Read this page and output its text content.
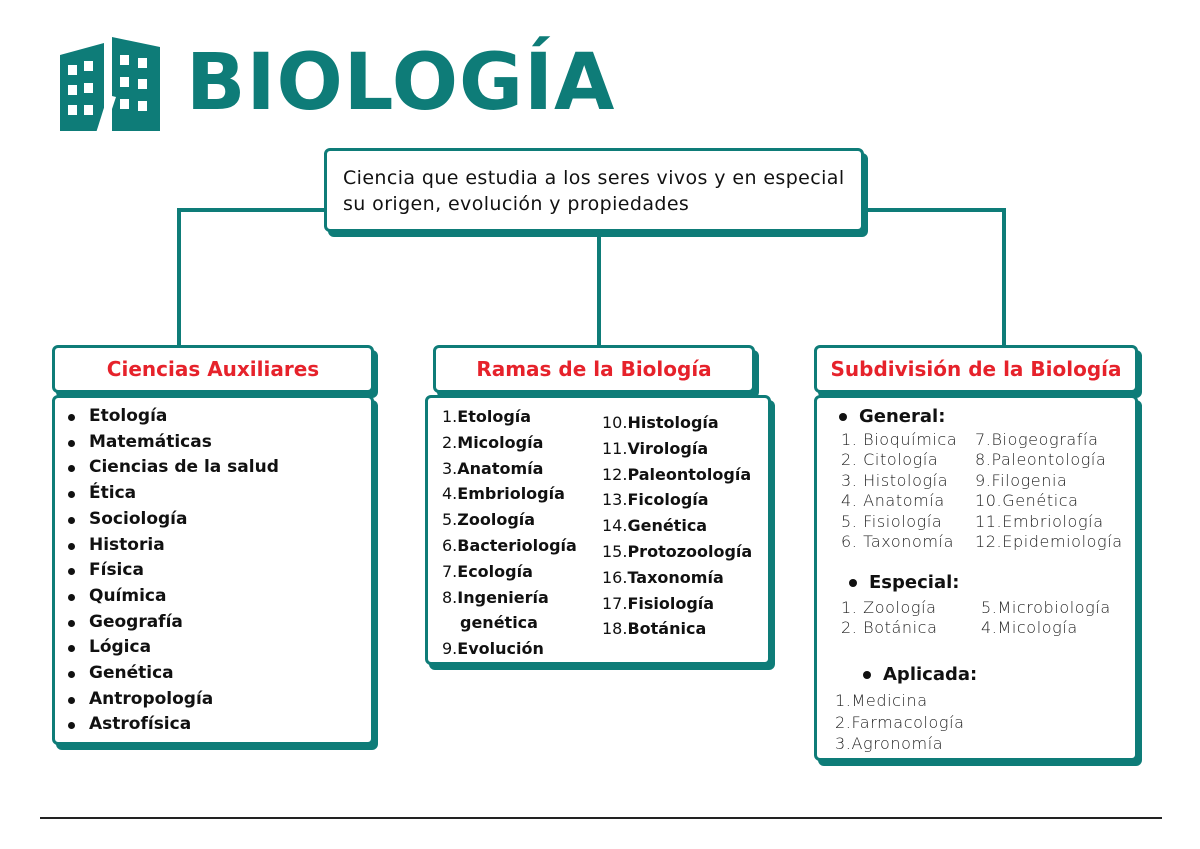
BIOLOGÍA
Ciencia que estudia a los seres vivos y en especial su origen, evolución y propiedades
Ciencias Auxiliares
Etología
Matemáticas
Ciencias de la salud
Ética
Sociología
Historia
Física
Química
Geografía
Lógica
Genética
Antropología
Astrofísica
Ramas de la Biología
1.Etología
2.Micología
3.Anatomía
4.Embriología
5.Zoología
6.Bacteriología
7.Ecología
8.Ingeniería
genética
9.Evolución
10.Histología
11.Virología
12.Paleontología
13.Ficología
14.Genética
15.Protozoología
16.Taxonomía
17.Fisiología
18.Botánica
Subdivisión de la Biología
General:
1. Bioquímica
2. Citología
3. Histología
4. Anatomía
5. Fisiología
6. Taxonomía
7.Biogeografía
8.Paleontología
9.Filogenia
10.Genética
11.Embriología
12.Epidemiología
Especial:
1. Zoología
2. Botánica
5.Microbiología
4.Micología
Aplicada:
1.Medicina
2.Farmacología
3.Agronomía
